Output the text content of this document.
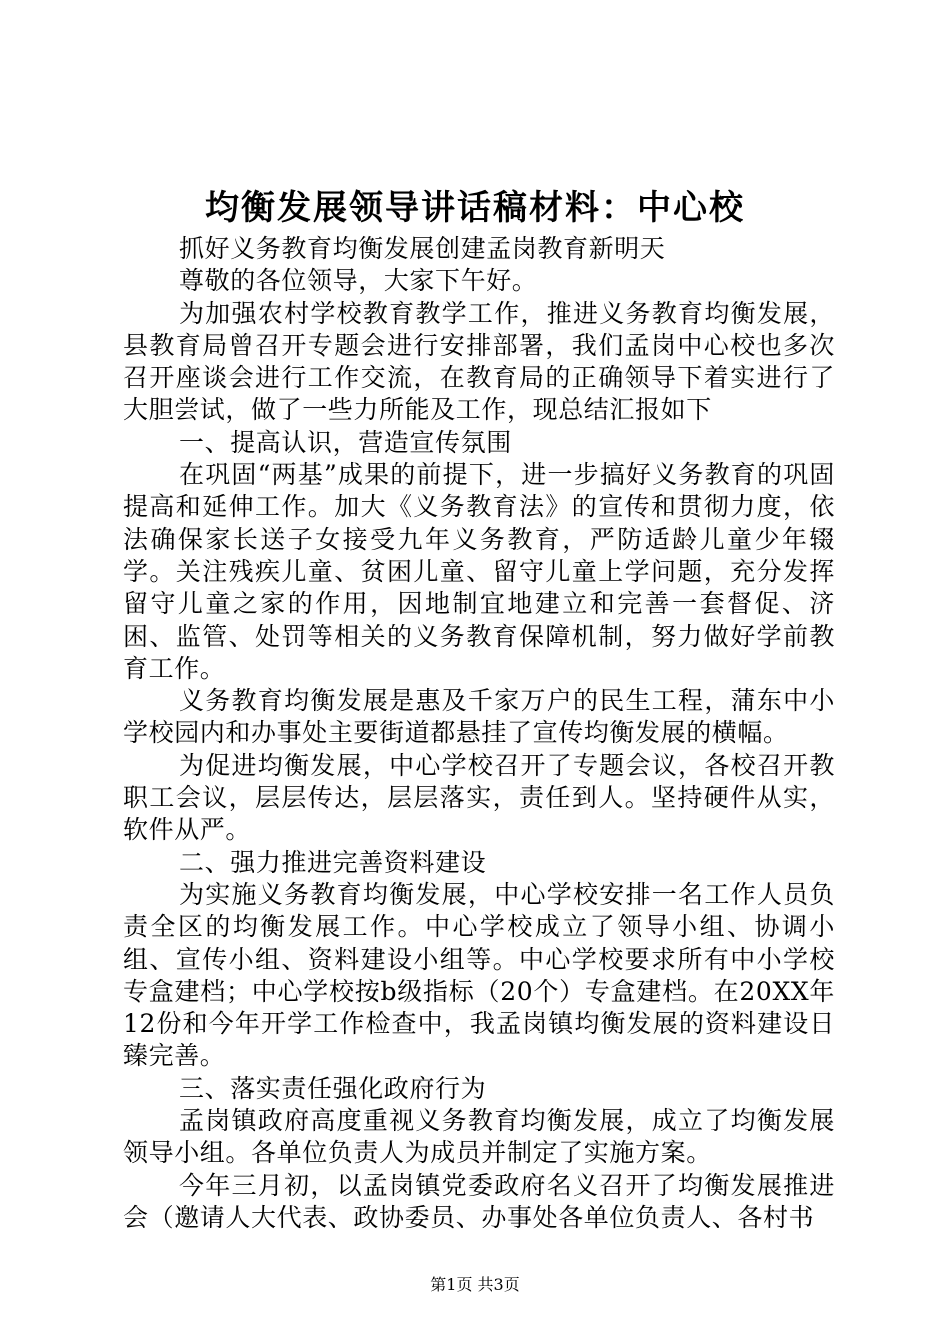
均衡发展领导讲话稿材料：中心校

抓好义务教育均衡发展创建孟岗教育新明天

尊敬的各位领导，大家下午好。

为加强农村学校教育教学工作，推进义务教育均衡发展，县教育局曾召开专题会进行安排部署，我们孟岗中心校也多次召开座谈会进行工作交流，在教育局的正确领导下着实进行了大胆尝试，做了一些力所能及工作，现总结汇报如下

一、提高认识，营造宣传氛围

在巩固“两基”成果的前提下，进一步搞好义务教育的巩固提高和延伸工作。加大《义务教育法》的宣传和贯彻力度，依法确保家长送子女接受九年义务教育，严防适龄儿童少年辍学。关注残疾儿童、贫困儿童、留守儿童上学问题，充分发挥留守儿童之家的作用，因地制宜地建立和完善一套督促、济困、监管、处罚等相关的义务教育保障机制，努力做好学前教育工作。

义务教育均衡发展是惠及千家万户的民生工程，蒲东中小学校园内和办事处主要街道都悬挂了宣传均衡发展的横幅。

为促进均衡发展，中心学校召开了专题会议，各校召开教职工会议，层层传达，层层落实，责任到人。坚持硬件从实，软件从严。

二、强力推进完善资料建设

为实施义务教育均衡发展，中心学校安排一名工作人员负责全区的均衡发展工作。中心学校成立了领导小组、协调小组、宣传小组、资料建设小组等。中心学校要求所有中小学校专盒建档；中心学校按b级指标（20个）专盒建档。在20XX年12份和今年开学工作检查中，我孟岗镇均衡发展的资料建设日臻完善。

三、落实责任强化政府行为

孟岗镇政府高度重视义务教育均衡发展，成立了均衡发展领导小组。各单位负责人为成员并制定了实施方案。

今年三月初，以孟岗镇党委政府名义召开了均衡发展推进会（邀请人大代表、政协委员、办事处各单位负责人、各村书

第1页 共3页
